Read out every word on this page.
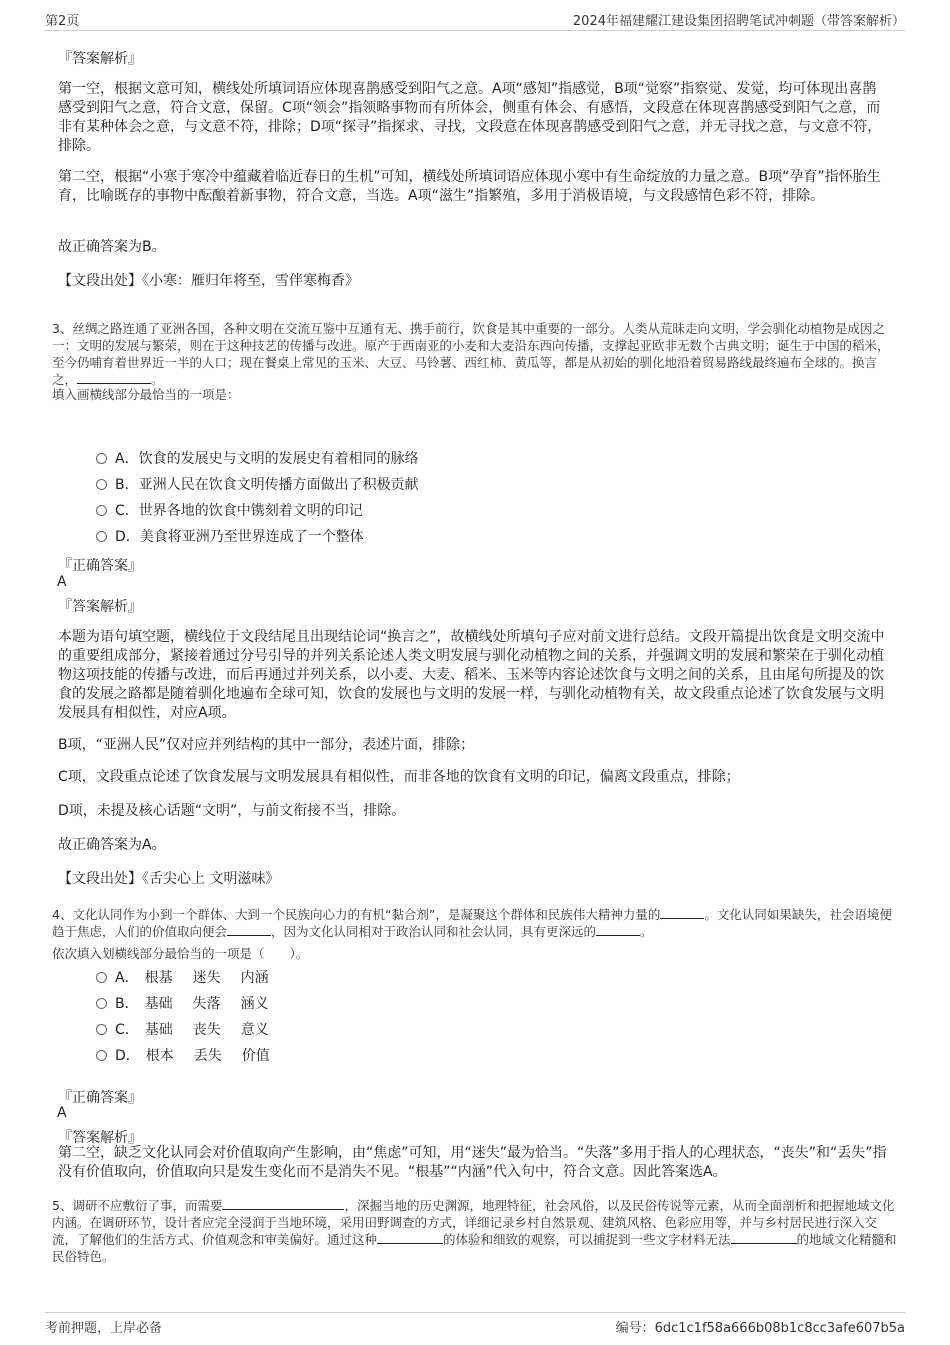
第2页	2024年福建耀江建设集团招聘笔试冲刺题（带答案解析）
『答案解析』
第一空，根据文意可知，横线处所填词语应体现喜鹊感受到阳气之意。A项“感知”指感觉，B项“觉察”指察觉、发觉，均可体现出喜鹊感受到阳气之意，符合文意，保留。C项“领会”指领略事物而有所体会，侧重有体会、有感悟，文段意在体现喜鹊感受到阳气之意，而非有某种体会之意，与文意不符，排除；D项“探寻”指探求、寻找，文段意在体现喜鹊感受到阳气之意，并无寻找之意，与文意不符，排除。
第二空，根据“小寒于寒冷中蕴藏着临近春日的生机”可知，横线处所填词语应体现小寒中有生命绽放的力量之意。B项“孕育”指怀胎生育，比喻既存的事物中酝酿着新事物，符合文意，当选。A项“滋生”指繁殖，多用于消极语境，与文段感情色彩不符，排除。
故正确答案为B。
【文段出处】《小寒：雁归年将至，雪伴寒梅香》
3、丝绸之路连通了亚洲各国，各种文明在交流互鉴中互通有无、携手前行，饮食是其中重要的一部分。人类从荒昧走向文明，学会驯化动植物是成因之一：文明的发展与繁荣，则在于这种技艺的传播与改进。原产于西南亚的小麦和大麦沿东西向传播，支撑起亚欧非无数个古典文明；诞生于中国的稻米，至今仍哺育着世界近一半的人口；现在餐桌上常见的玉米、大豆、马铃薯、西红柿、黄瓜等，都是从初始的驯化地沿着贸易路线最终遍布全球的。换言之，	。
填入画横线部分最恰当的一项是：
A．饮食的发展史与文明的发展史有着相同的脉络
B．亚洲人民在饮食文明传播方面做出了积极贡献
C．世界各地的饮食中镌刻着文明的印记
D．美食将亚洲乃至世界连成了一个整体
『正确答案』
A
『答案解析』
本题为语句填空题，横线位于文段结尾且出现结论词“换言之”，故横线处所填句子应对前文进行总结。文段开篇提出饮食是文明交流中的重要组成部分，紧接着通过分号引导的并列关系论述人类文明发展与驯化动植物之间的关系，并强调文明的发展和繁荣在于驯化动植物这项技能的传播与改进，而后再通过并列关系，以小麦、大麦、稻米、玉米等内容论述饮食与文明之间的关系，且由尾句所提及的饮食的发展之路都是随着驯化地遍布全球可知，饮食的发展也与文明的发展一样，与驯化动植物有关，故文段重点论述了饮食发展与文明发展具有相似性，对应A项。
B项，“亚洲人民”仅对应并列结构的其中一部分，表述片面，排除；
C项，文段重点论述了饮食发展与文明发展具有相似性，而非各地的饮食有文明的印记，偏离文段重点，排除；
D项，未提及核心话题“文明”，与前文衔接不当，排除。
故正确答案为A。
【文段出处】《舌尖心上 文明滋味》
4、文化认同作为小到一个群体、大到一个民族向心力的有机“黏合剂”，是凝聚这个群体和民族伟大精神力量的	。文化认同如果缺失，社会语境便趋于焦虑，人们的价值取向便会	，因为文化认同相对于政治认同和社会认同，具有更深远的	。
依次填入划横线部分最恰当的一项是（　　）。
A． 根基 迷失 内涵
B． 基础 失落 涵义
C． 基础 丧失 意义
D． 根本 丢失 价值
『正确答案』
A
『答案解析』
第二空，缺乏文化认同会对价值取向产生影响，由“焦虑”可知，用“迷失”最为恰当。“失落”多用于指人的心理状态，“丧失”和“丢失”指没有价值取向，价值取向只是发生变化而不是消失不见。“根基”“内涵”代入句中，符合文意。因此答案选A。
5、调研不应敷衍了事，而需要	，深掘当地的历史渊源，地理特征，社会风俗，以及民俗传说等元素，从而全面剖析和把握地域文化内涵。在调研环节，设计者应完全浸润于当地环境，采用田野调查的方式，详细记录乡村自然景观、建筑风格、色彩应用等，并与乡村居民进行深入交流，了解他们的生活方式、价值观念和审美偏好。通过这种	的体验和细致的观察，可以捕捉到一些文字材料无法	的地域文化精髓和民俗特色。
考前押题，上岸必备	编号：6dc1c1f58a666b08b1c8cc3afe607b5a
